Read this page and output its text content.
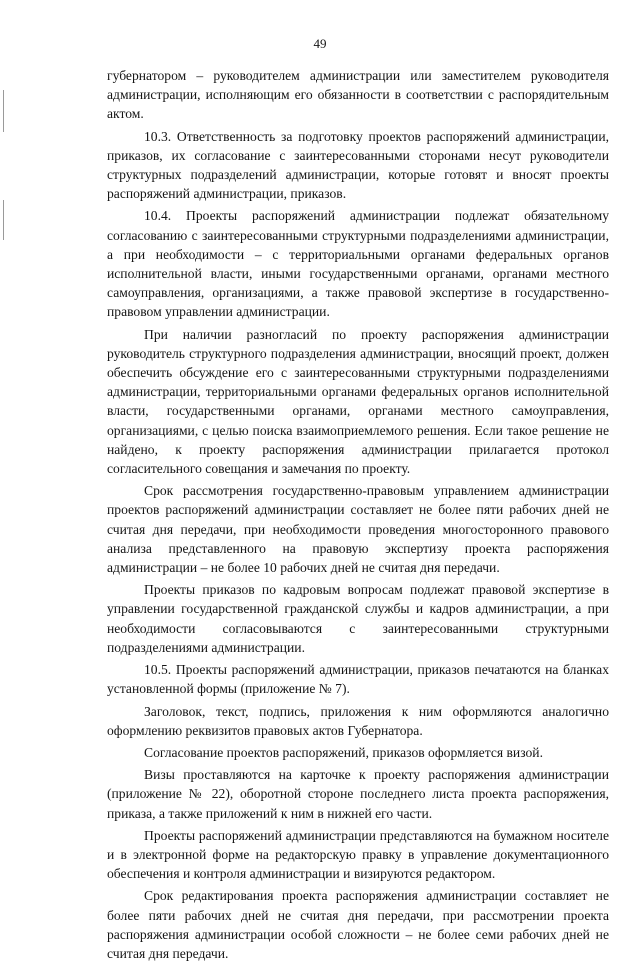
49

губернатором – руководителем администрации или заместителем руководителя администрации, исполняющим его обязанности в соответствии с распорядительным актом.

10.3. Ответственность за подготовку проектов распоряжений администрации, приказов, их согласование с заинтересованными сторонами несут руководители структурных подразделений администрации, которые готовят и вносят проекты распоряжений администрации, приказов.

10.4. Проекты распоряжений администрации подлежат обязательному согласованию с заинтересованными структурными подразделениями администрации, а при необходимости – с территориальными органами федеральных органов исполнительной власти, иными государственными органами, органами местного самоуправления, организациями, а также правовой экспертизе в государственно-правовом управлении администрации.

При наличии разногласий по проекту распоряжения администрации руководитель структурного подразделения администрации, вносящий проект, должен обеспечить обсуждение его с заинтересованными структурными подразделениями администрации, территориальными органами федеральных органов исполнительной власти, государственными органами, органами местного самоуправления, организациями, с целью поиска взаимоприемлемого решения. Если такое решение не найдено, к проекту распоряжения администрации прилагается протокол согласительного совещания и замечания по проекту.

Срок рассмотрения государственно-правовым управлением администрации проектов распоряжений администрации составляет не более пяти рабочих дней не считая дня передачи, при необходимости проведения многосторонного правового анализа представленного на правовую экспертизу проекта распоряжения администрации – не более 10 рабочих дней не считая дня передачи.

Проекты приказов по кадровым вопросам подлежат правовой экспертизе в управлении государственной гражданской службы и кадров администрации, а при необходимости согласовываются с заинтересованными структурными подразделениями администрации.

10.5. Проекты распоряжений администрации, приказов печатаются на бланках установленной формы (приложение № 7).

Заголовок, текст, подпись, приложения к ним оформляются аналогично оформлению реквизитов правовых актов Губернатора.

Согласование проектов распоряжений, приказов оформляется визой.

Визы проставляются на карточке к проекту распоряжения администрации (приложение № 22), оборотной стороне последнего листа проекта распоряжения, приказа, а также приложений к ним в нижней его части.

Проекты распоряжений администрации представляются на бумажном носителе и в электронной форме на редакторскую правку в управление документационного обеспечения и контроля администрации и визируются редактором.

Срок редактирования проекта распоряжения администрации составляет не более пяти рабочих дней не считая дня передачи, при рассмотрении проекта распоряжения администрации особой сложности – не более семи рабочих дней не считая дня передачи.
